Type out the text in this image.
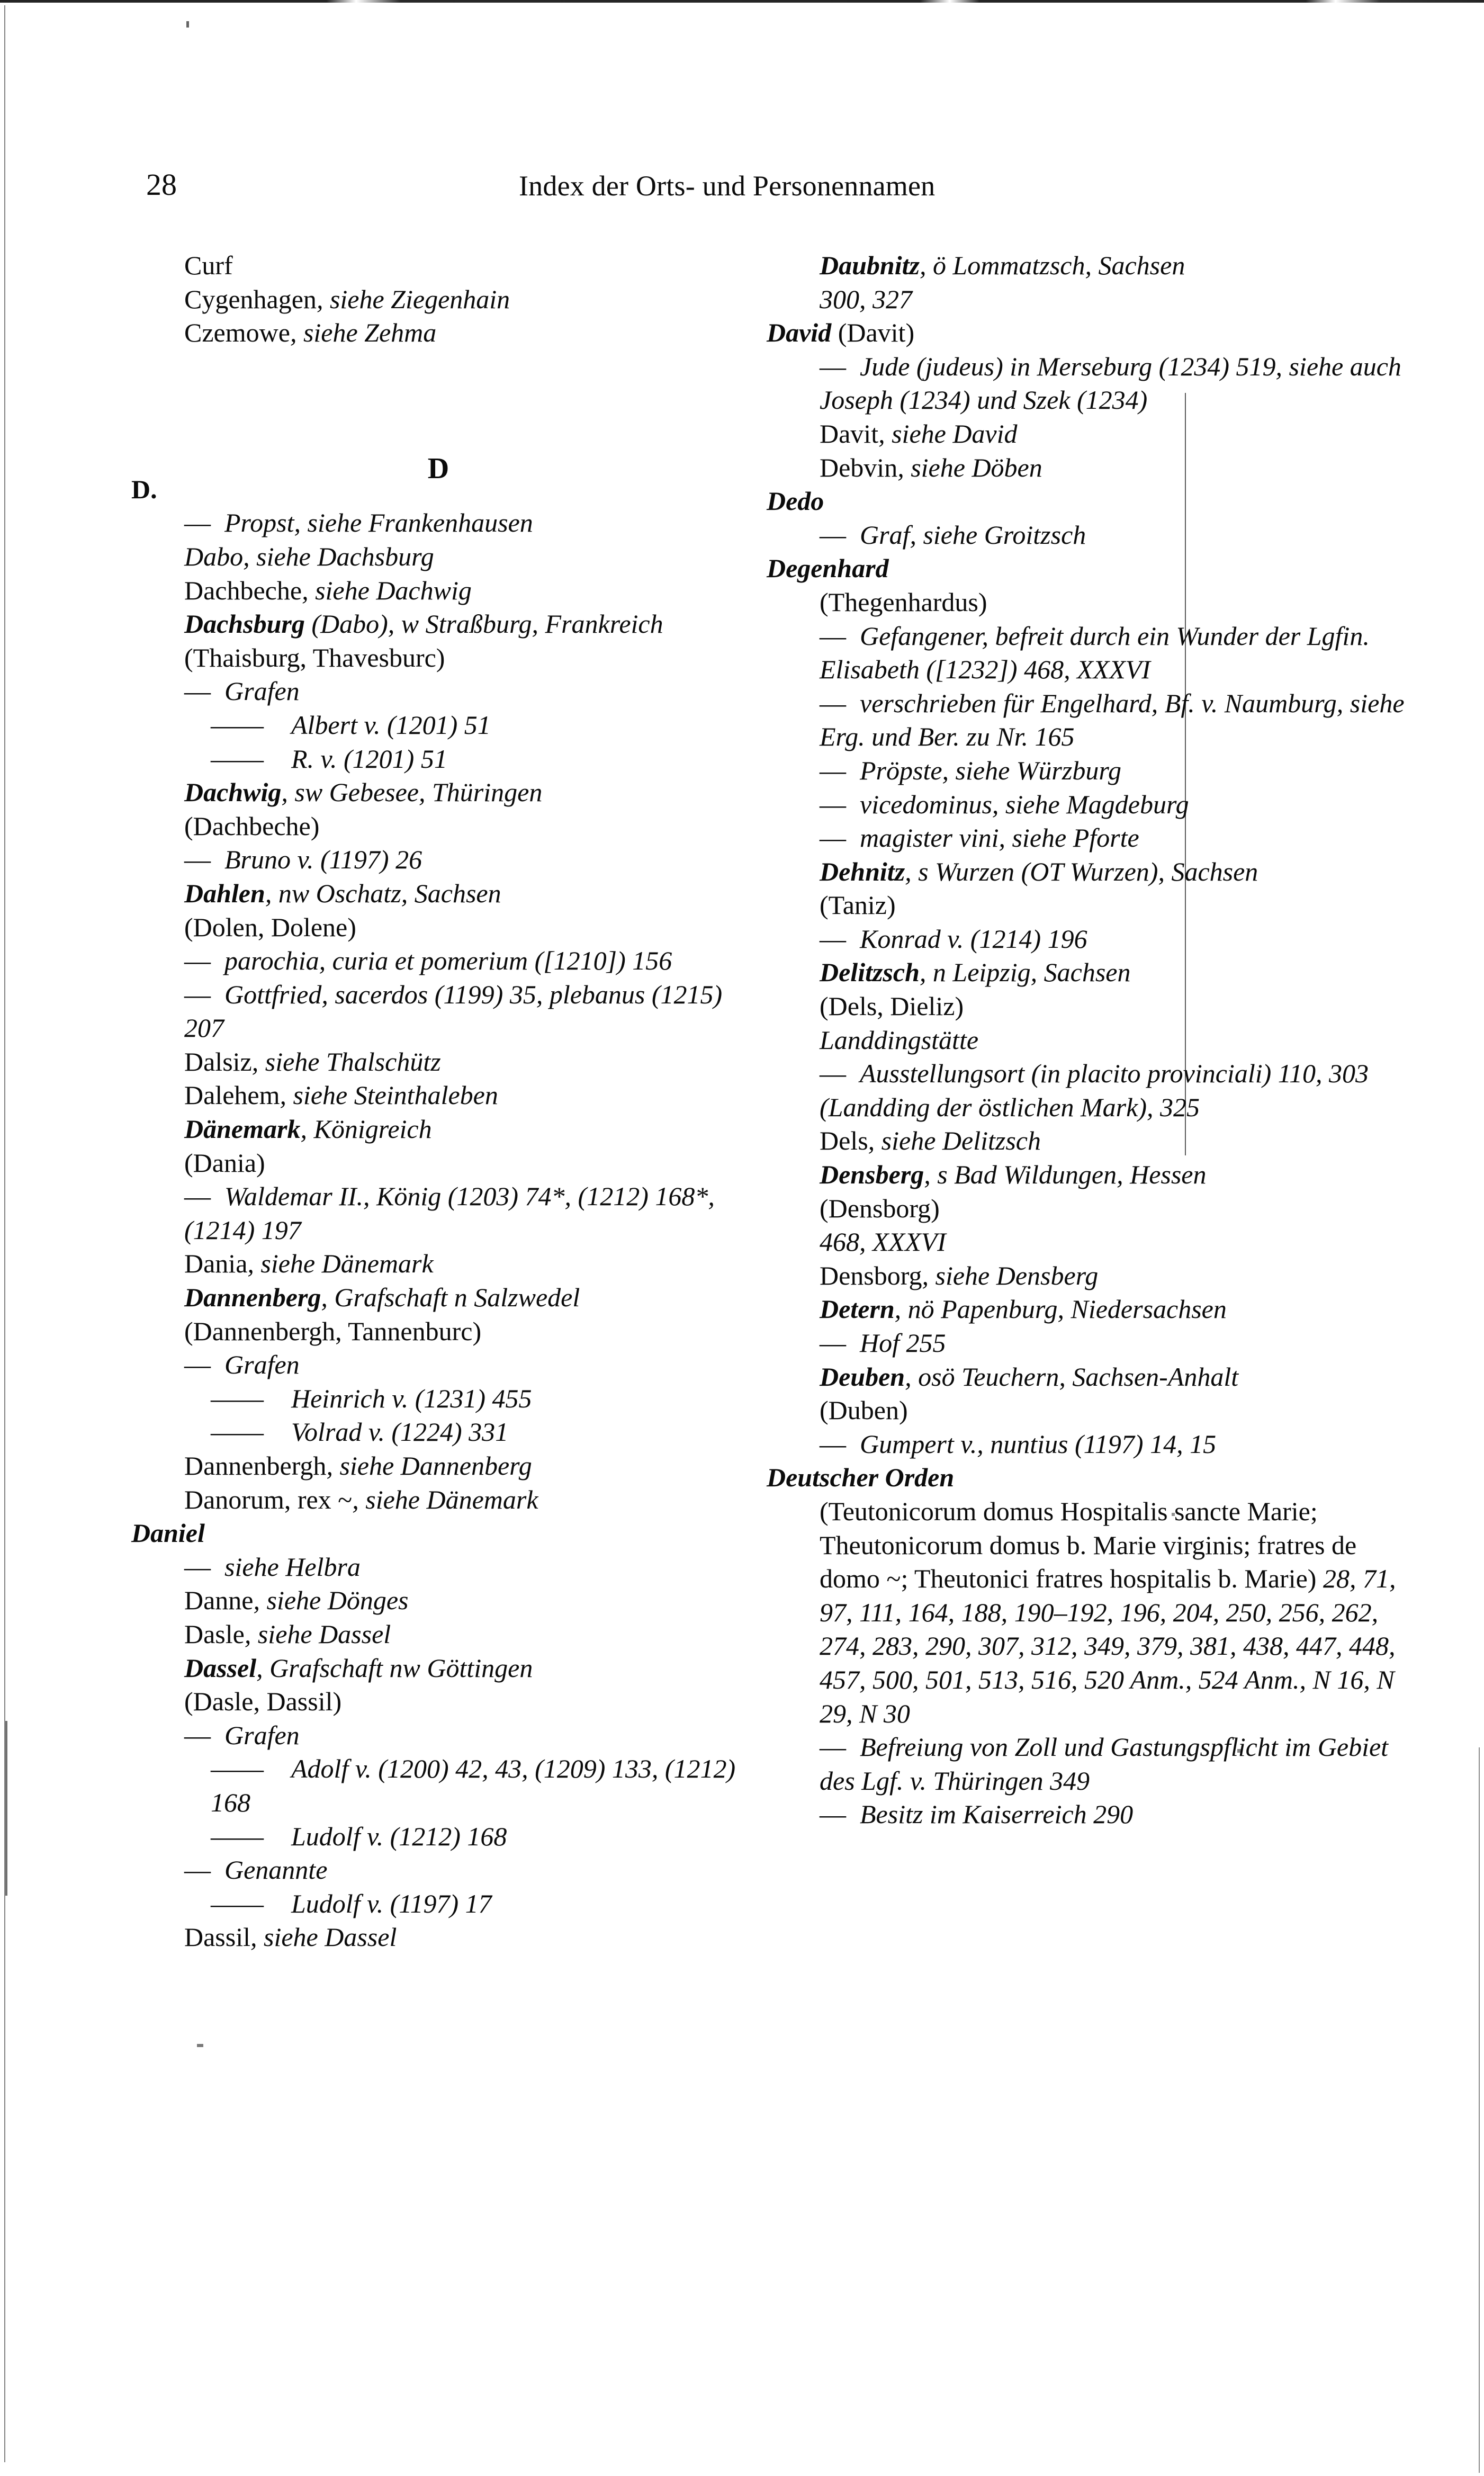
28	Index der Orts- und Personennamen
D
Curf
Cygenhagen, siehe Ziegenhain
Czemowe, siehe Zehma
D.
— Propst, siehe Frankenhausen
Dabo, siehe Dachsburg
Dachbeche, siehe Dachwig
Dachsburg (Dabo), w Straßburg, Frankreich
(Thaisburg, Thavesburc)
— Grafen
—— Albert v. (1201) 51
—— R. v. (1201) 51
Dachwig, sw Gebesee, Thüringen
(Dachbeche)
— Bruno v. (1197) 26
Dahlen, nw Oschatz, Sachsen
(Dolen, Dolene)
— parochia, curia et pomerium ([1210]) 156
— Gottfried, sacerdos (1199) 35, plebanus (1215) 207
Dalsiz, siehe Thalschütz
Dalehem, siehe Steinthaleben
Dänemark, Königreich
(Dania)
— Waldemar II., König (1203) 74*, (1212) 168*, (1214) 197
Dania, siehe Dänemark
Dannenberg, Grafschaft n Salzwedel
(Dannenbergh, Tannenburc)
— Grafen
—— Heinrich v. (1231) 455
—— Volrad v. (1224) 331
Dannenbergh, siehe Dannenberg
Danorum, rex ~, siehe Dänemark
Daniel
— siehe Helbra
Danne, siehe Dönges
Dasle, siehe Dassel
Dassel, Grafschaft nw Göttingen
(Dasle, Dassil)
— Grafen
—— Adolf v. (1200) 42, 43, (1209) 133, (1212) 168
—— Ludolf v. (1212) 168
— Genannte
—— Ludolf v. (1197) 17
Dassil, siehe Dassel
Daubnitz, ö Lommatzsch, Sachsen
300, 327
David (Davit)
— Jude (judeus) in Merseburg (1234) 519, siehe auch Joseph (1234) und Szek (1234)
Davit, siehe David
Debvin, siehe Döben
Dedo
— Graf, siehe Groitzsch
Degenhard
(Thegenhardus)
— Gefangener, befreit durch ein Wunder der Lgfin. Elisabeth ([1232]) 468, XXXVI
— verschrieben für Engelhard, Bf. v. Naumburg, siehe Erg. und Ber. zu Nr. 165
— Pröpste, siehe Würzburg
— vicedominus, siehe Magdeburg
— magister vini, siehe Pforte
Dehnitz, s Wurzen (OT Wurzen), Sachsen
(Taniz)
— Konrad v. (1214) 196
Delitzsch, n Leipzig, Sachsen
(Dels, Dieliz)
Landdingstätte
— Ausstellungsort (in placito provinciali) 110, 303 (Landding der östlichen Mark), 325
Dels, siehe Delitzsch
Densberg, s Bad Wildungen, Hessen
(Densborg)
468, XXXVI
Densborg, siehe Densberg
Detern, nö Papenburg, Niedersachsen
— Hof 255
Deuben, osö Teuchern, Sachsen-Anhalt
(Duben)
— Gumpert v., nuntius (1197) 14, 15
Deutscher Orden
(Teutonicorum domus Hospitalis sancte Marie; Theutonicorum domus b. Marie virginis; fratres de domo ~; Theutonici fratres hospitalis b. Marie) 28, 71, 97, 111, 164, 188, 190–192, 196, 204, 250, 256, 262, 274, 283, 290, 307, 312, 349, 379, 381, 438, 447, 448, 457, 500, 501, 513, 516, 520 Anm., 524 Anm., N 16, N 29, N 30
— Befreiung von Zoll und Gastungspflicht im Gebiet des Lgf. v. Thüringen 349
— Besitz im Kaiserreich 290
